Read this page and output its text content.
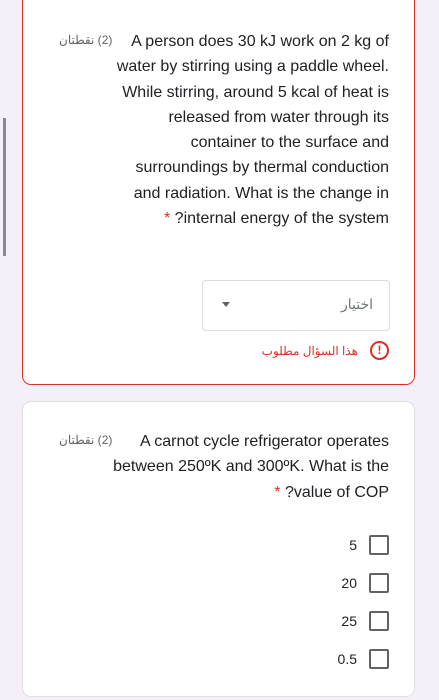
A person does 30 kJ work on 2 kg of water by stirring using a paddle wheel. While stirring, around 5 kcal of heat is released from water through its container to the surface and surroundings by thermal conduction and radiation. What is the change in internal energy of the system? *
(2) نقطتان
اختيار
!
هذا السؤال مطلوب
A carnot cycle refrigerator operates between 250ºK and 300ºK. What is the value of COP? *
(2) نقطتان
5
20
25
0.5
